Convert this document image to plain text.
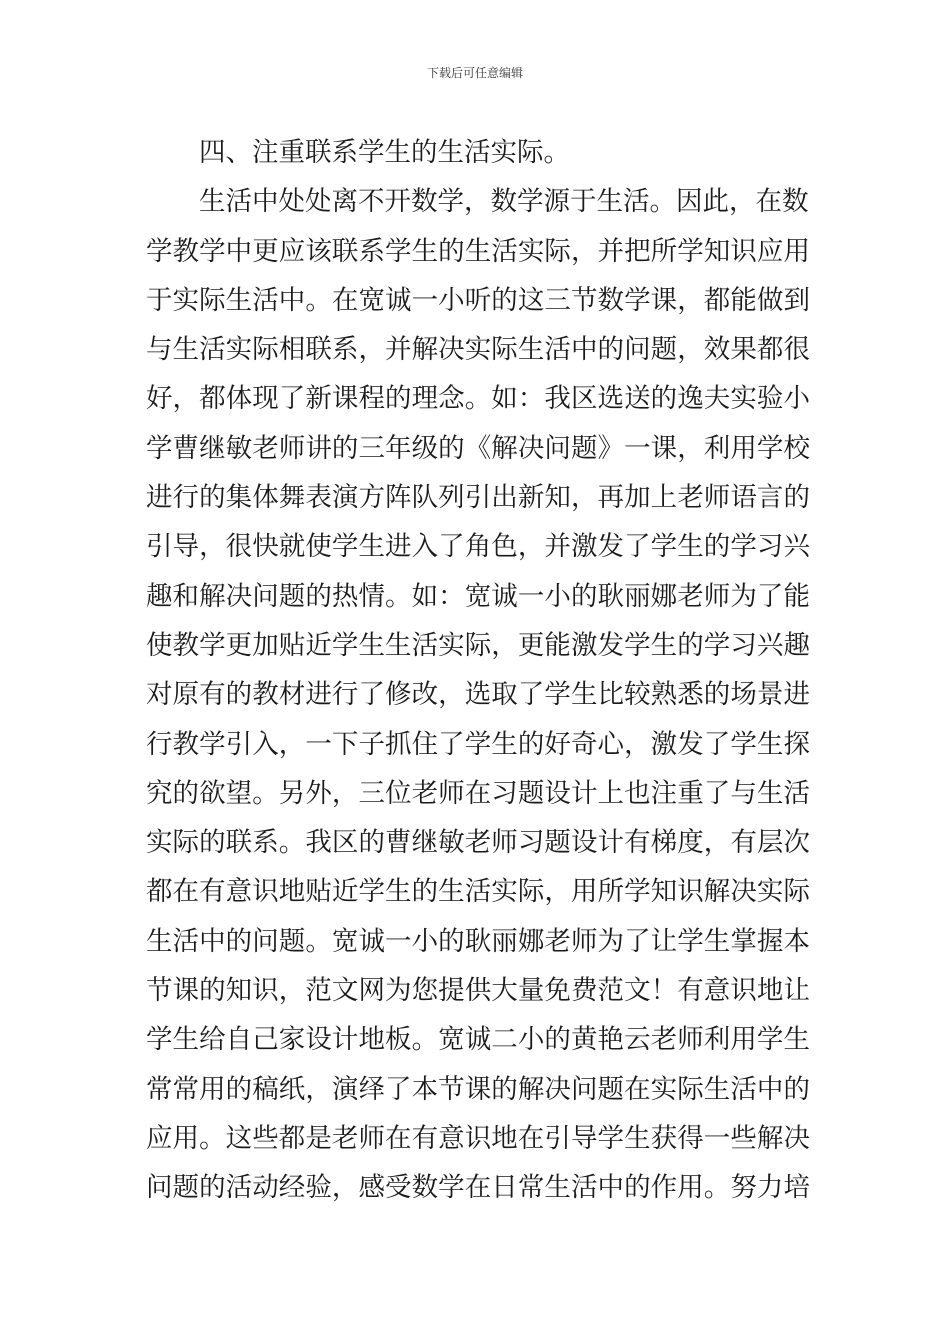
下载后可任意编辑
四、注重联系学生的生活实际。
生活中处处离不开数学，数学源于生活。因此，在数
学教学中更应该联系学生的生活实际，并把所学知识应用
于实际生活中。在宽诚一小听的这三节数学课，都能做到
与生活实际相联系，并解决实际生活中的问题，效果都很
好，都体现了新课程的理念。如：我区选送的逸夫实验小
学曹继敏老师讲的三年级的《解决问题》一课，利用学校
进行的集体舞表演方阵队列引出新知，再加上老师语言的
引导，很快就使学生进入了角色，并激发了学生的学习兴
趣和解决问题的热情。如：宽诚一小的耿丽娜老师为了能
使教学更加贴近学生生活实际，更能激发学生的学习兴趣
对原有的教材进行了修改，选取了学生比较熟悉的场景进
行教学引入，一下子抓住了学生的好奇心，激发了学生探
究的欲望。另外，三位老师在习题设计上也注重了与生活
实际的联系。我区的曹继敏老师习题设计有梯度，有层次
都在有意识地贴近学生的生活实际，用所学知识解决实际
生活中的问题。宽诚一小的耿丽娜老师为了让学生掌握本
节课的知识，范文网为您提供大量免费范文！有意识地让
学生给自己家设计地板。宽诚二小的黄艳云老师利用学生
常常用的稿纸，演绎了本节课的解决问题在实际生活中的
应用。这些都是老师在有意识地在引导学生获得一些解决
问题的活动经验，感受数学在日常生活中的作用。努力培
